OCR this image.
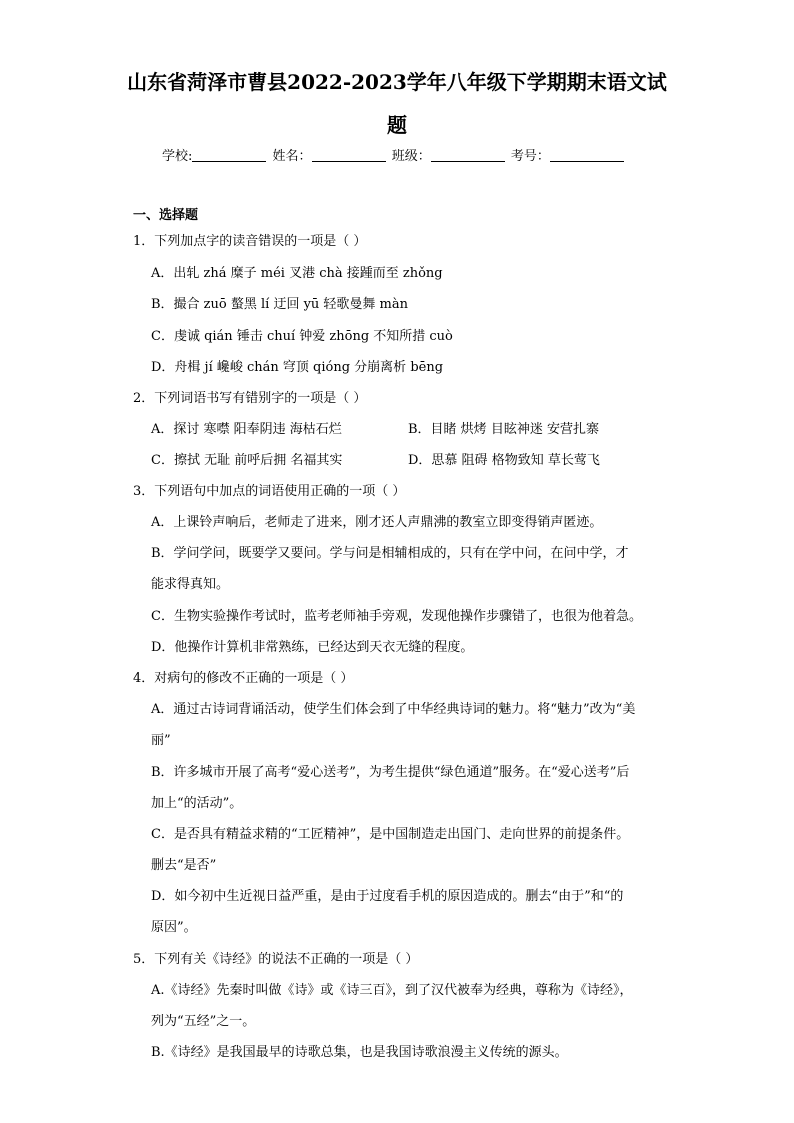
山东省菏泽市曹县2022-2023学年八年级下学期期末语文试
题
学校:	姓名：	班级：	考号：
一、选择题
1．下列加点字的读音错误的一项是（ ）
A．出轧 zhá 糜子 méi 叉港 chà 接踵而至 zhǒng
B．撮合 zuō 螯黑 lí 迂回 yū 轻歌曼舞 màn
C．虔诚 qián 锤击 chuí 钟爱 zhōng 不知所措 cuò
D．舟楫 jí 巉峻 chán 穹顶 qióng 分崩离析 bēng
2．下列词语书写有错别字的一项是（ ）
A．探讨 寒噤 阳奉阴违 海枯石烂	B．目睹 烘烤 目眩神迷 安营扎寨
C．擦拭 无耻 前呼后拥 名福其实	D．思慕 阻碍 格物致知 草长莺飞
3．下列语句中加点的词语使用正确的一项（ ）
A．上课铃声响后，老师走了进来，刚才还人声鼎沸的教室立即变得销声匿迹。
B．学问学问，既要学又要问。学与问是相辅相成的，只有在学中问，在问中学，才
能求得真知。
C．生物实验操作考试时，监考老师袖手旁观，发现他操作步骤错了，也很为他着急。
D．他操作计算机非常熟练，已经达到天衣无缝的程度。
4．对病句的修改不正确的一项是（ ）
A．通过古诗词背诵活动，使学生们体会到了中华经典诗词的魅力。将“魅力”改为“美
丽”
B．许多城市开展了高考“爱心送考”，为考生提供“绿色通道”服务。在“爱心送考”后
加上“的活动”。
C．是否具有精益求精的“工匠精神”，是中国制造走出国门、走向世界的前提条件。
删去“是否”
D．如今初中生近视日益严重，是由于过度看手机的原因造成的。删去“由于”和“的
原因”。
5．下列有关《诗经》的说法不正确的一项是（ ）
A.《诗经》先秦时叫做《诗》或《诗三百》，到了汉代被奉为经典，尊称为《诗经》，
列为“五经”之一。
B.《诗经》是我国最早的诗歌总集，也是我国诗歌浪漫主义传统的源头。
